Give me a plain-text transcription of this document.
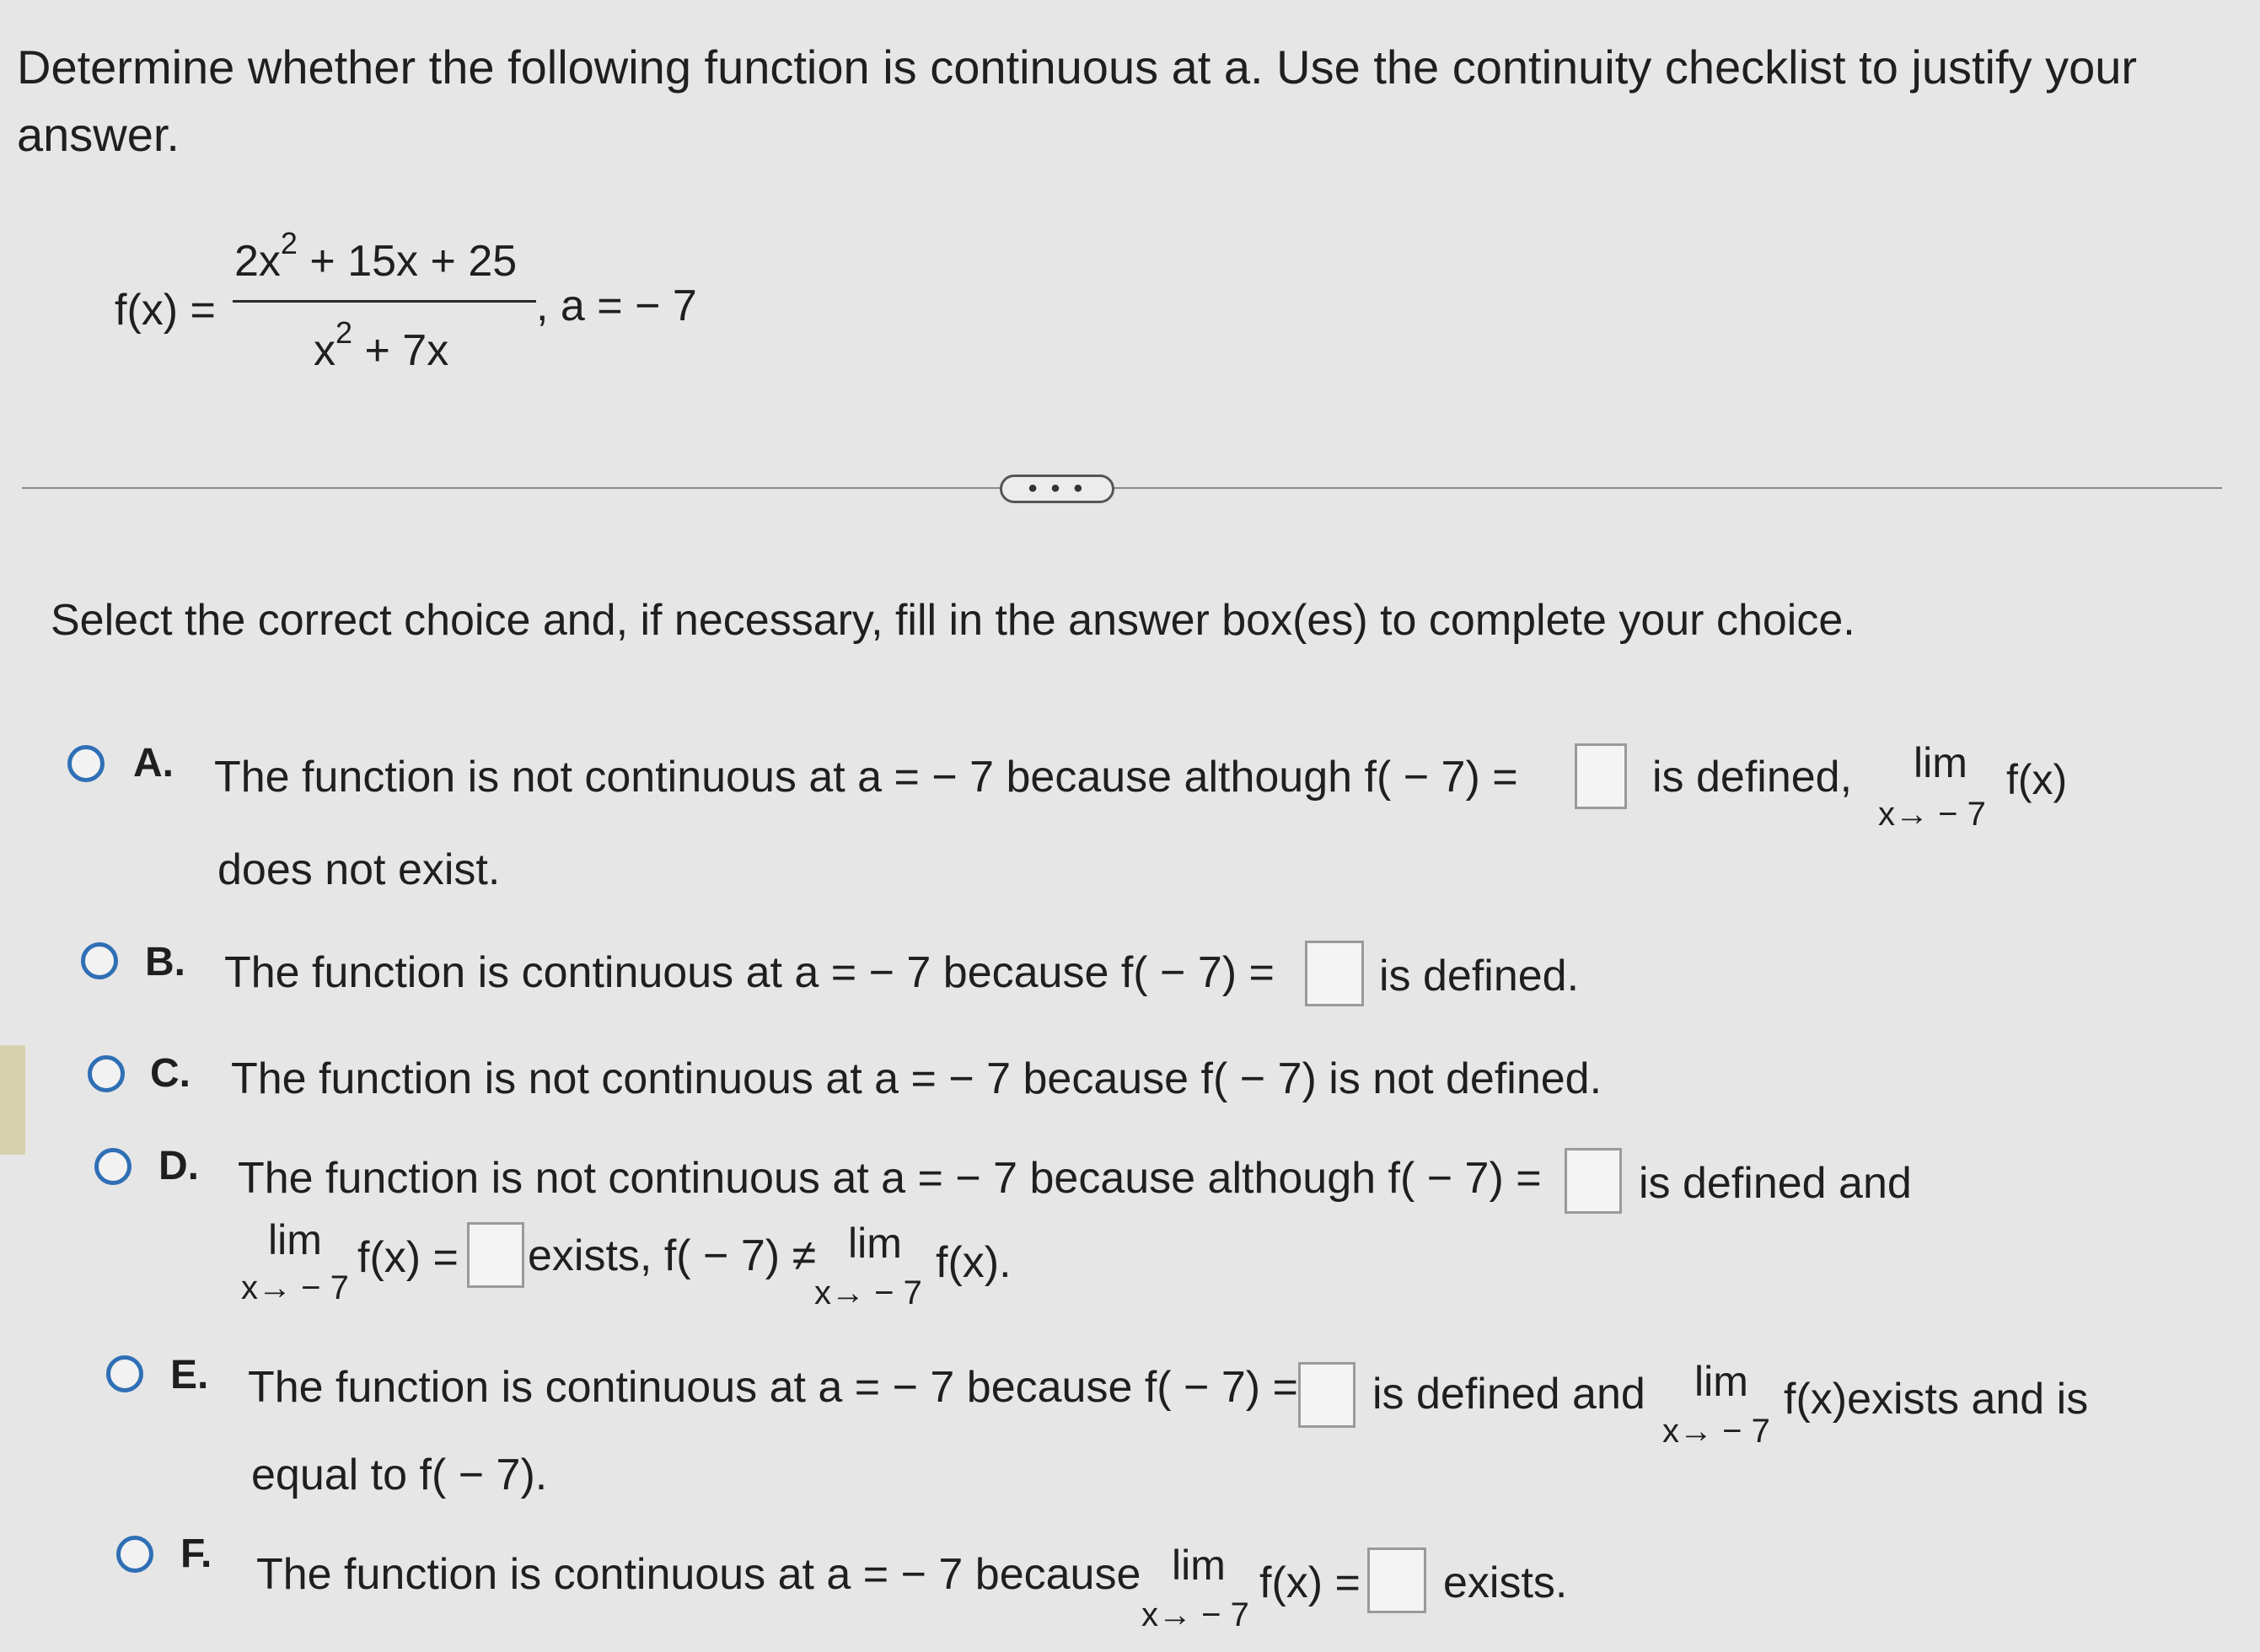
Determine whether the following function is continuous at a. Use the continuity checklist to justify your answer.
f(x) =
$2x^2 + 15x + 25$
$x^2 + 7x$
, a = − 7
• • •
Select the correct choice and, if necessary, fill in the answer box(es) to complete your choice.
A. The function is not continuous at a = − 7 because although f( − 7) =	is defined, lim
x→ − 7
f(x)
does not exist.
B. The function is continuous at a = − 7 because f( − 7) = is defined.
C. The function is not continuous at a = − 7 because f( − 7) is not defined.
D. The function is not continuous at a = − 7 because although f( − 7) = is defined and
lim
x→ − 7
f(x) = exists, f( − 7) ≠ lim
x→ − 7
f(x).
E. The function is continuous at a = − 7 because f( − 7) = is defined and lim
x→ − 7
f(x)exists and is
equal to f( − 7).
F. The function is continuous at a = − 7 because lim
x→ − 7
f(x) = exists.
